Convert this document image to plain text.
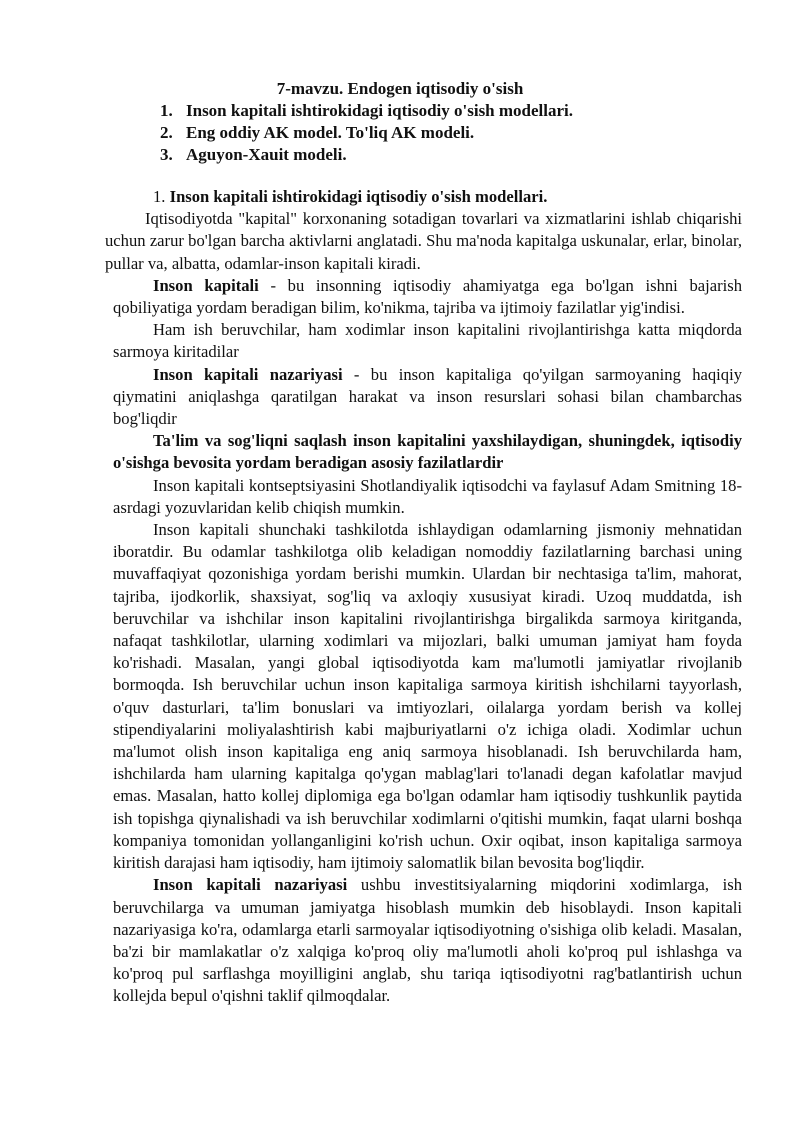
7-mavzu. Endogen iqtisodiy o'sish
1. Inson kapitali ishtirokidagi iqtisodiy o'sish modellari.
2. Eng oddiy AK model. To'liq AK modeli.
3. Aguyon-Xauit modeli.

1. Inson kapitali ishtirokidagi iqtisodiy o'sish modellari.

Iqtisodiyotda "kapital" korxonaning sotadigan tovarlari va xizmatlarini ishlab chiqarishi uchun zarur bo'lgan barcha aktivlarni anglatadi. Shu ma'noda kapitalga uskunalar, erlar, binolar, pullar va, albatta, odamlar-inson kapitali kiradi.

Inson kapitali - bu insonning iqtisodiy ahamiyatga ega bo'lgan ishni bajarish qobiliyatiga yordam beradigan bilim, ko'nikma, tajriba va ijtimoiy fazilatlar yig'indisi.

Ham ish beruvchilar, ham xodimlar inson kapitalini rivojlantirishga katta miqdorda sarmoya kiritadilar

Inson kapitali nazariyasi - bu inson kapitaliga qo'yilgan sarmoyaning haqiqiy qiymatini aniqlashga qaratilgan harakat va inson resurslari sohasi bilan chambarchas bog'liqdir

Ta'lim va sog'liqni saqlash inson kapitalini yaxshilaydigan, shuningdek, iqtisodiy o'sishga bevosita yordam beradigan asosiy fazilatlardir

Inson kapitali kontseptsiyasini Shotlandiyalik iqtisodchi va faylasuf Adam Smitning 18-asrdagi yozuvlaridan kelib chiqish mumkin.

Inson kapitali shunchaki tashkilotda ishlaydigan odamlarning jismoniy mehnatidan iboratdir. Bu odamlar tashkilotga olib keladigan nomoddiy fazilatlarning barchasi uning muvaffaqiyat qozonishiga yordam berishi mumkin. Ulardan bir nechtasiga ta'lim, mahorat, tajriba, ijodkorlik, shaxsiyat, sog'liq va axloqiy xususiyat kiradi. Uzoq muddatda, ish beruvchilar va ishchilar inson kapitalini rivojlantirishga birgalikda sarmoya kiritganda, nafaqat tashkilotlar, ularning xodimlari va mijozlari, balki umuman jamiyat ham foyda ko'rishadi. Masalan, yangi global iqtisodiyotda kam ma'lumotli jamiyatlar rivojlanib bormoqda. Ish beruvchilar uchun inson kapitaliga sarmoya kiritish ishchilarni tayyorlash, o'quv dasturlari, ta'lim bonuslari va imtiyozlari, oilalarga yordam berish va kollej stipendiyalarini moliyalashtirish kabi majburiyatlarni o'z ichiga oladi. Xodimlar uchun ma'lumot olish inson kapitaliga eng aniq sarmoya hisoblanadi. Ish beruvchilarda ham, ishchilarda ham ularning kapitalga qo'ygan mablag'lari to'lanadi degan kafolatlar mavjud emas. Masalan, hatto kollej diplomiga ega bo'lgan odamlar ham iqtisodiy tushkunlik paytida ish topishga qiynalishadi va ish beruvchilar xodimlarni o'qitishi mumkin, faqat ularni boshqa kompaniya tomonidan yollanganligini ko'rish uchun. Oxir oqibat, inson kapitaliga sarmoya kiritish darajasi ham iqtisodiy, ham ijtimoiy salomatlik bilan bevosita bog'liqdir.

Inson kapitali nazariyasi ushbu investitsiyalarning miqdorini xodimlarga, ish beruvchilarga va umuman jamiyatga hisoblash mumkin deb hisoblaydi. Inson kapitali nazariyasiga ko'ra, odamlarga etarli sarmoyalar iqtisodiyotning o'sishiga olib keladi. Masalan, ba'zi bir mamlakatlar o'z xalqiga ko'proq oliy ma'lumotli aholi ko'proq pul ishlashga va ko'proq pul sarflashga moyilligini anglab, shu tariqa iqtisodiyotni rag'batlantirish uchun kollejda bepul o'qishni taklif qilmoqdalar.
